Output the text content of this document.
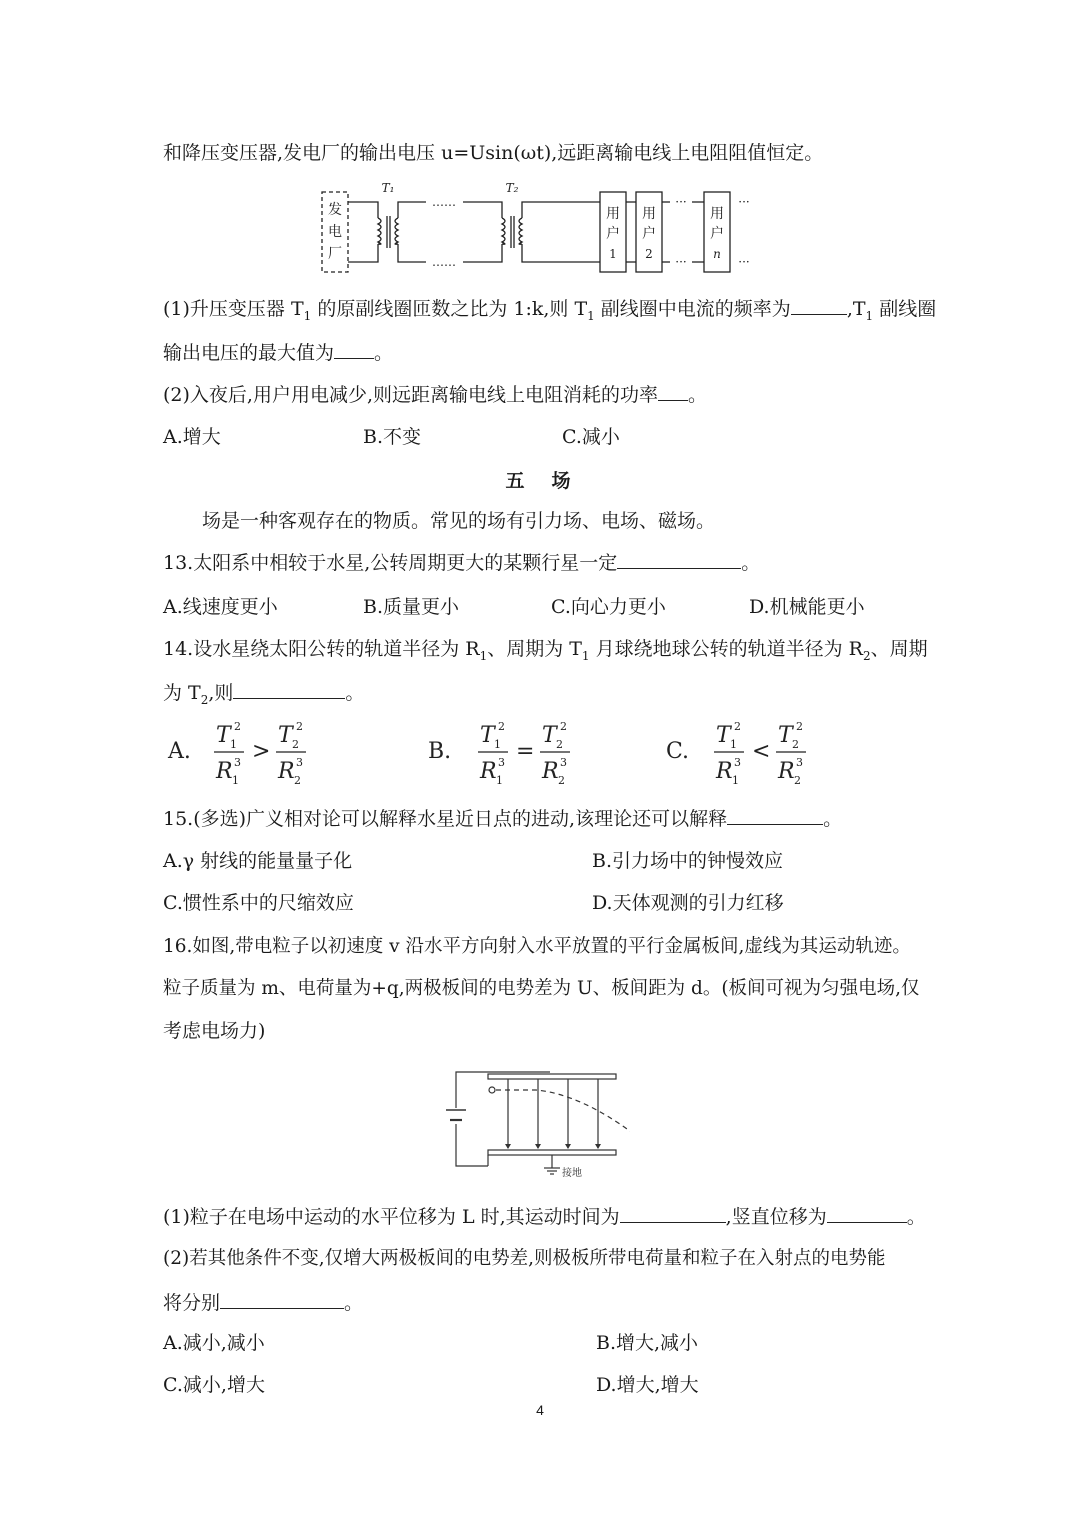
和降压变压器,发电厂的输出电压 u=Usin(ωt),远距离输电线上电阻阻值恒定。
发
电
厂
T₁	T₂
……
……
用
户
1
用
户
2
用
户
n
···
···
···
···
(1)升压变压器 $T_1$ 的原副线圈匝数之比为 1:k,则 $T_1$ 副线圈中电流的频率为	$,T_1$ 副线圈
输出电压的最大值为 。
(2)入夜后,用户用电减少,则远距离输电线上电阻消耗的功率 。
A.增大	B.不变	C.减小
五　场
场是一种客观存在的物质。常见的场有引力场、电场、磁场。
13.太阳系中相较于水星,公转周期更大的某颗行星一定	。
A.线速度更小	B.质量更小	C.向心力更小	D.机械能更小
14.设水星绕太阳公转的轨道半径为 $R_1$、周期为 $T_1$ 月球绕地球公转的轨道半径为 $R_2$、周期
为 $T_2$,则	。
A.
T 1
2
R 1
3 >
T 2
2
R 2
3	B.
T 1
2
R 1
3 =
T 2
2
R 2
3	C.
T 1
2
R 1
3 <
T 2
2
R 2
3
15.(多选)广义相对论可以解释水星近日点的进动,该理论还可以解释	。
A.γ 射线的能量量子化	B.引力场中的钟慢效应
C.惯性系中的尺缩效应	D.天体观测的引力红移
16.如图,带电粒子以初速度 v 沿水平方向射入水平放置的平行金属板间,虚线为其运动轨迹。
粒子质量为 m、电荷量为+q,两极板间的电势差为 U、板间距为 d。(板间可视为匀强电场,仅
考虑电场力)
接地
(1)粒子在电场中运动的水平位移为 L 时,其运动时间为	,竖直位移为	。
(2)若其他条件不变,仅增大两极板间的电势差,则极板所带电荷量和粒子在入射点的电势能
将分别	。
A.减小,减小	B.增大,减小
C.减小,增大	D.增大,增大
4
